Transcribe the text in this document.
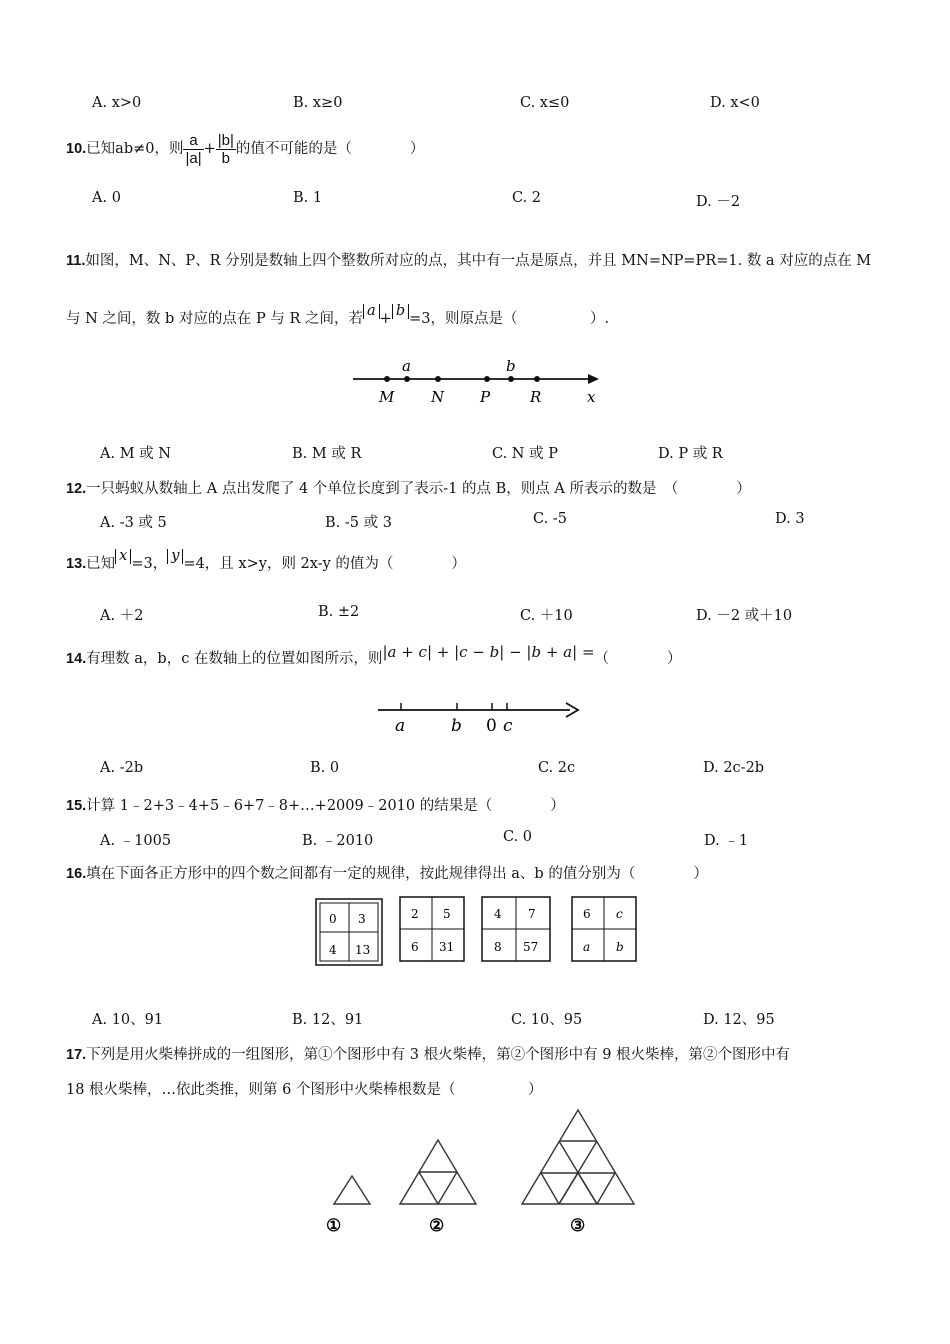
A. x>0	B. x≥0	C. x≤0	D. x<0
10.已知ab≠0，则 $\frac{a}{|a|} + \frac{|b|}{b}$ 的值不可能的是（　　　　）
A. 0	B. 1	C. 2	D. －2
11.如图，M、N、P、R 分别是数轴上四个整数所对应的点，其中有一点是原点，并且 MN=NP=PR=1. 数 a 对应的点在 M
与 N 之间，数 b 对应的点在 P 与 R 之间，若 a + b =3，则原点是（　　　　　）.
a	b
M N P	R	x
A. M 或 N	B. M 或 R	C. N 或 P	D. P 或 R
12.一只蚂蚁从数轴上 A 点出发爬了 4 个单位长度到了表示-1 的点 B，则点 A 所表示的数是　（　　　　）
A. -3 或 5	B. -5 或 3	C. -5	D. 3
13.已知 x =3， y =4，且 x>y，则 2x-y 的值为（　　　　）
A. ＋2	B. ±2	C. ＋10	D. －2 或＋10
14.有理数 a，b，c 在数轴上的位置如图所示，则|a + c| + |c − b| − |b + a| =（　　　　）
a	b 0 c
A. -2b	B. 0	C. 2c	D. 2c-2b
15.计算 1﹣2+3﹣4+5﹣6+7﹣8+…+2009﹣2010 的结果是（　　　　）
A. ﹣1005	B. ﹣2010	C. 0	D. ﹣1
16.填在下面各正方形中的四个数之间都有一定的规律，按此规律得出 a、b 的值分别为（　　　　）
0 3
4 13
2 5
6 31
4 7
8 57
6 c
a b
A. 10、91	B. 12、91	C. 10、95	D. 12、95
17.下列是用火柴棒拼成的一组图形，第①个图形中有 3 根火柴棒，第②个图形中有 9 根火柴棒，第②个图形中有
18 根火柴棒，…依此类推，则第 6 个图形中火柴棒根数是（　　　　　）
①	②	③
